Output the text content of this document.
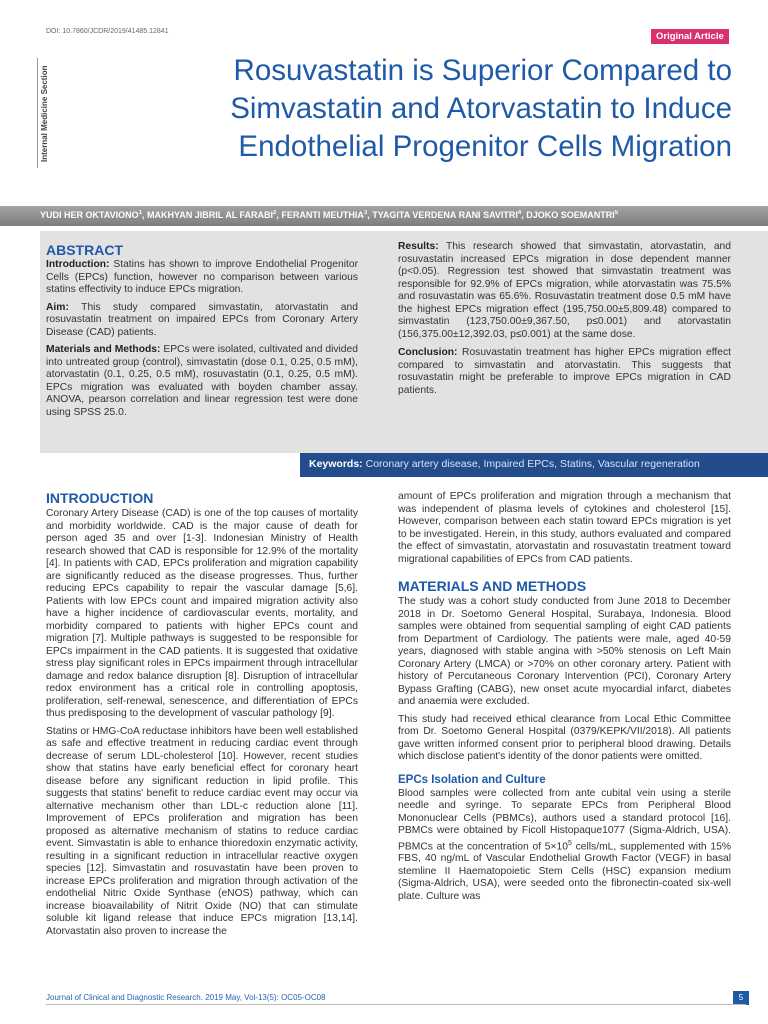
DOI: 10.7860/JCDR/2019/41485.12841	Original Article
Internal Medicine Section	Rosuvastatin is Superior Compared to
Simvastatin and Atorvastatin to Induce
Endothelial Progenitor Cells Migration
YUDI HER OKTAVIONO$^1$, MAKHYAN JIBRIL AL FARABI$^2$, FERANTI MEUTHIA$^3$, TYAGITA VERDENA RANI SAVITRI$^4$, DJOKO SOEMANTRI$^5$
ABSTRACT
Introduction: Statins has shown to improve Endothelial Progenitor Cells (EPCs) function, however no comparison between various statins effectivity to induce EPCs migration.
Aim: This study compared simvastatin, atorvastatin and rosuvastatin treatment on impaired EPCs from Coronary Artery Disease (CAD) patients.
Materials and Methods: EPCs were isolated, cultivated and divided into untreated group (control), simvastatin (dose 0.1, 0.25, 0.5 mM), atorvastatin (0.1, 0.25, 0.5 mM), rosuvastatin (0.1, 0.25, 0.5 mM). EPCs migration was evaluated with boyden chamber assay. ANOVA, pearson correlation and linear regression test were done using SPSS 25.0.
Results: This research showed that simvastatin, atorvastatin, and rosuvastatin increased EPCs migration in dose dependent manner (p<0.05). Regression test showed that simvastatin treatment was responsible for 92.9% of EPCs migration, while atorvastatin was 75.5% and rosuvastatin was 65.6%. Rosuvastatin treatment dose 0.5 mM have the highest EPCs migration effect (195,750.00±5,809.48) compared to simvastatin (123,750.00±9,367.50, p≤0.001) and atorvastatin (156,375.00±12,392.03, p≤0.001) at the same dose.
Conclusion: Rosuvastatin treatment has higher EPCs migration effect compared to simvastatin and atorvastatin. This suggests that rosuvastatin might be preferable to improve EPCs migration in CAD patients.
Keywords: Coronary artery disease, Impaired EPCs, Statins, Vascular regeneration
INTRODUCTION
Coronary Artery Disease (CAD) is one of the top causes of mortality and morbidity worldwide. CAD is the major cause of death for person aged 35 and over [1-3]. Indonesian Ministry of Health research showed that CAD is responsible for 12.9% of the mortality [4]. In patients with CAD, EPCs proliferation and migration capability are significantly reduced as the disease progresses. Thus, further reducing EPCs capability to repair the vascular damage [5,6]. Patients with low EPCs count and impaired migration activity also have a higher incidence of cardiovascular events, mortality, and morbidity compared to patients with higher EPCs count and migration [7]. Multiple pathways is suggested to be responsible for EPCs impairment in the CAD patients. It is suggested that oxidative stress play significant roles in EPCs impairment through intracellular damage and redox balance disruption [8]. Disruption of intracellular redox environment has a critical role in controlling apoptosis, proliferation, self-renewal, senescence, and differentiation of EPCs thus predisposing to the development of vascular pathology [9].
Statins or HMG-CoA reductase inhibitors have been well established as safe and effective treatment in reducing cardiac event through decrease of serum LDL-cholesterol [10]. However, recent studies show that statins have early beneficial effect for coronary heart disease before any significant reduction in lipid profile. This suggests that statins' benefit to reduce cardiac event may occur via alternative mechanism other than LDL-c reduction alone [11]. Improvement of EPCs proliferation and migration has been proposed as alternative mechanism of statins to reduce cardiac event. Simvastatin is able to enhance thioredoxin enzymatic activity, resulting in a significant reduction in intracellular reactive oxygen species [12]. Simvastatin and rosuvastatin have been proven to increase EPCs proliferation and migration through activation of the endothelial Nitric Oxide Synthase (eNOS) pathway, which can increase bioavailability of Nitrit Oxide (NO) that can stimulate soluble kit ligand release that induce EPCs migration [13,14]. Atorvastatin also proven to increase the
amount of EPCs proliferation and migration through a mechanism that was independent of plasma levels of cytokines and cholesterol [15]. However, comparison between each statin toward EPCs migration is yet to be investigated. Herein, in this study, authors evaluated and compared the effect of simvastatin, atorvastatin and rosuvastatin treatment toward migrational capabilities of EPCs from CAD patients.
MATERIALS AND METHODS
The study was a cohort study conducted from June 2018 to December 2018 in Dr. Soetomo General Hospital, Surabaya, Indonesia. Blood samples were obtained from sequential sampling of eight CAD patients from Department of Cardiology. The patients were male, aged 40-59 years, diagnosed with stable angina with >50% stenosis on Left Main Coronary Artery (LMCA) or >70% on other coronary artery. Patient with history of Percutaneous Coronary Intervention (PCI), Coronary Artery Bypass Grafting (CABG), new onset acute myocardial infarct, diabetes and anaemia were excluded.
This study had received ethical clearance from Local Ethic Committee from Dr. Soetomo General Hospital (0379/KEPK/VII/2018). All patients gave written informed consent prior to peripheral blood drawing. Details which disclose patient's identity of the donor patients were omitted.
EPCs Isolation and Culture
Blood samples were collected from ante cubital vein using a sterile needle and syringe. To separate EPCs from Peripheral Blood Mononuclear Cells (PBMCs), authors used a standard protocol [16]. PBMCs were obtained by Ficoll Histopaque1077 (Sigma-Aldrich, USA). PBMCs at the concentration of $5\times 10^5$ cells/mL, supplemented with 15% FBS, 40 ng/mL of Vascular Endothelial Growth Factor (VEGF) in basal stemline II Haematopoietic Stem Cells (HSC) expansion medium (Sigma-Aldrich, USA), were seeded onto the fibronectin-coated six-well plate. Culture was
Journal of Clinical and Diagnostic Research. 2019 May, Vol-13(5): OC05-OC08	5
